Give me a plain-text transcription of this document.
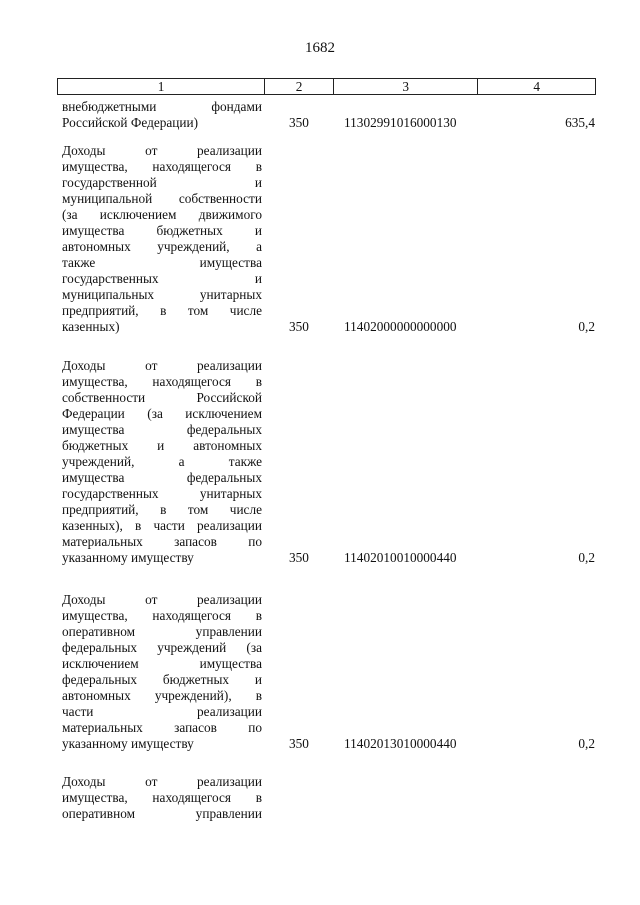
1682
1	2	3	4
внебюджетными фондами
Российской Федерации)	350	11302991016000130	635,4
Доходы от реализации
имущества, находящегося в
государственной и
муниципальной собственности
(за исключением движимого
имущества бюджетных и
автономных учреждений, а
также имущества
государственных и
муниципальных унитарных
предприятий, в том числе
казенных)	350	11402000000000000	0,2
Доходы от реализации
имущества, находящегося в
собственности Российской
Федерации (за исключением
имущества федеральных
бюджетных и автономных
учреждений, а также
имущества федеральных
государственных унитарных
предприятий, в том числе
казенных), в части реализации
материальных запасов по
указанному имуществу	350	11402010010000440	0,2
Доходы от реализации
имущества, находящегося в
оперативном управлении
федеральных учреждений (за
исключением имущества
федеральных бюджетных и
автономных учреждений), в
части реализации
материальных запасов по
указанному имуществу	350	11402013010000440	0,2
Доходы от реализации
имущества, находящегося в
оперативном управлении
